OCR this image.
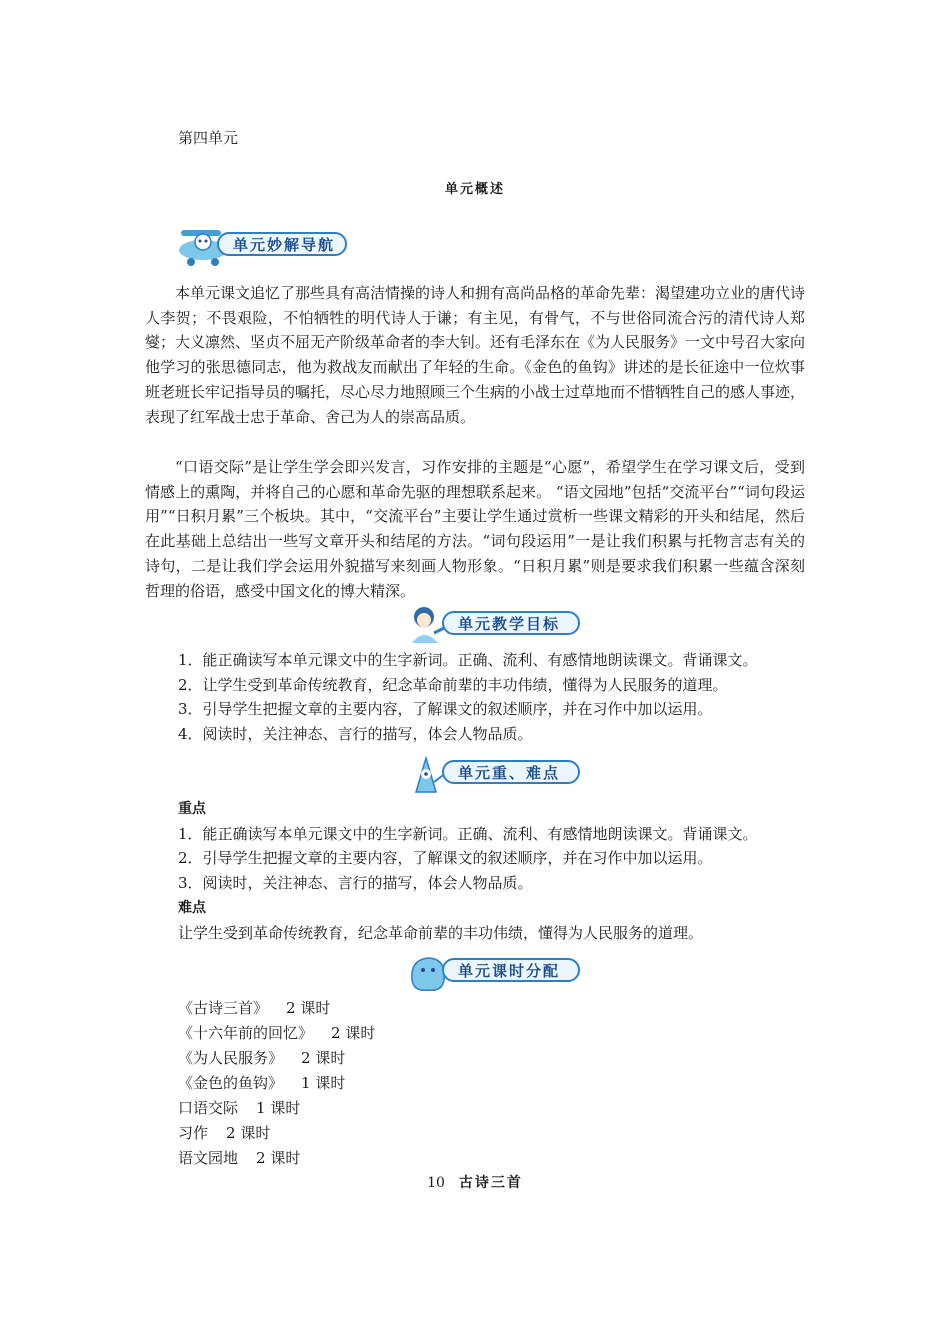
第四单元
单元概述
单元妙解导航
本单元课文追忆了那些具有高洁情操的诗人和拥有高尚品格的革命先辈：渴望建功立业的唐代诗人李贺；不畏艰险，不怕牺牲的明代诗人于谦；有主见，有骨气，不与世俗同流合污的清代诗人郑燮；大义凛然、坚贞不屈无产阶级革命者的李大钊。还有毛泽东在《为人民服务》一文中号召大家向他学习的张思德同志，他为救战友而献出了年轻的生命。《金色的鱼钩》讲述的是长征途中一位炊事班老班长牢记指导员的嘱托，尽心尽力地照顾三个生病的小战士过草地而不惜牺牲自己的感人事迹，表现了红军战士忠于革命、舍己为人的崇高品质。
“口语交际”是让学生学会即兴发言，习作安排的主题是“心愿”，希望学生在学习课文后，受到情感上的熏陶，并将自己的心愿和革命先驱的理想联系起来。 “语文园地”包括“交流平台”“词句段运用”“日积月累”三个板块。其中，“交流平台”主要让学生通过赏析一些课文精彩的开头和结尾，然后在此基础上总结出一些写文章开头和结尾的方法。“词句段运用”一是让我们积累与托物言志有关的诗句，二是让我们学会运用外貌描写来刻画人物形象。“日积月累”则是要求我们积累一些蕴含深刻哲理的俗语，感受中国文化的博大精深。
单元教学目标
1．能正确读写本单元课文中的生字新词。正确、流利、有感情地朗读课文。背诵课文。
2．让学生受到革命传统教育，纪念革命前辈的丰功伟绩，懂得为人民服务的道理。
3．引导学生把握文章的主要内容，了解课文的叙述顺序，并在习作中加以运用。
4．阅读时，关注神态、言行的描写，体会人物品质。
单元重、难点
重点
1．能正确读写本单元课文中的生字新词。正确、流利、有感情地朗读课文。背诵课文。
2．引导学生把握文章的主要内容，了解课文的叙述顺序，并在习作中加以运用。
3．阅读时，关注神态、言行的描写，体会人物品质。
难点
让学生受到革命传统教育，纪念革命前辈的丰功伟绩，懂得为人民服务的道理。
单元课时分配
《古诗三首》 2 课时
《十六年前的回忆》 2 课时
《为人民服务》 2 课时
《金色的鱼钩》 1 课时
口语交际 1 课时
习作 2 课时
语文园地 2 课时
10 古诗三首
